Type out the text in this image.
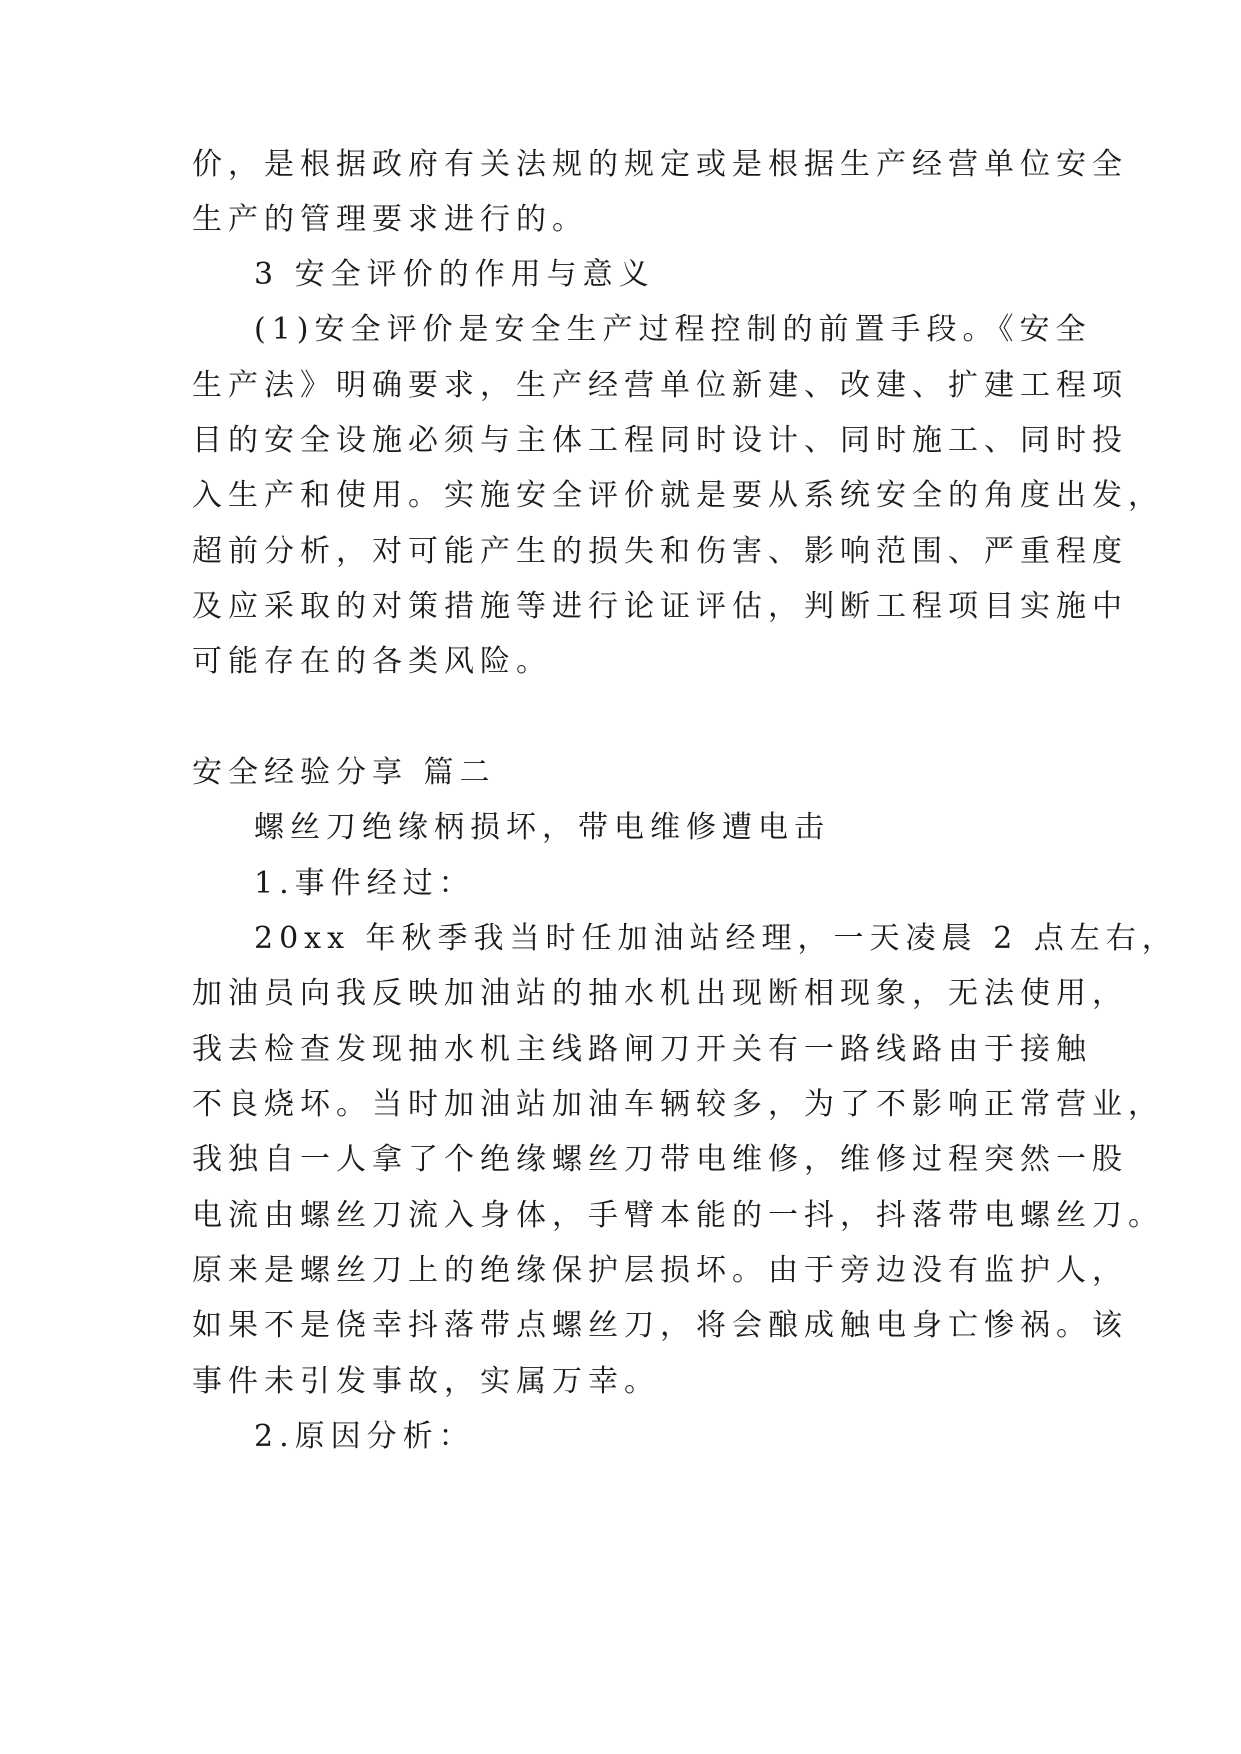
价，是根据政府有关法规的规定或是根据生产经营单位安全
生产的管理要求进行的。
3 安全评价的作用与意义
(1)安全评价是安全生产过程控制的前置手段。《安全
生产法》明确要求，生产经营单位新建、改建、扩建工程项
目的安全设施必须与主体工程同时设计、同时施工、同时投
入生产和使用。实施安全评价就是要从系统安全的角度出发，
超前分析，对可能产生的损失和伤害、影响范围、严重程度
及应采取的对策措施等进行论证评估，判断工程项目实施中
可能存在的各类风险。
安全经验分享 篇二
螺丝刀绝缘柄损坏，带电维修遭电击
1.事件经过：
20xx 年秋季我当时任加油站经理，一天凌晨 2 点左右，
加油员向我反映加油站的抽水机出现断相现象，无法使用，
我去检查发现抽水机主线路闸刀开关有一路线路由于接触
不良烧坏。当时加油站加油车辆较多，为了不影响正常营业，
我独自一人拿了个绝缘螺丝刀带电维修，维修过程突然一股
电流由螺丝刀流入身体，手臂本能的一抖，抖落带电螺丝刀。
原来是螺丝刀上的绝缘保护层损坏。由于旁边没有监护人，
如果不是侥幸抖落带点螺丝刀，将会酿成触电身亡惨祸。该
事件未引发事故，实属万幸。
2.原因分析：
